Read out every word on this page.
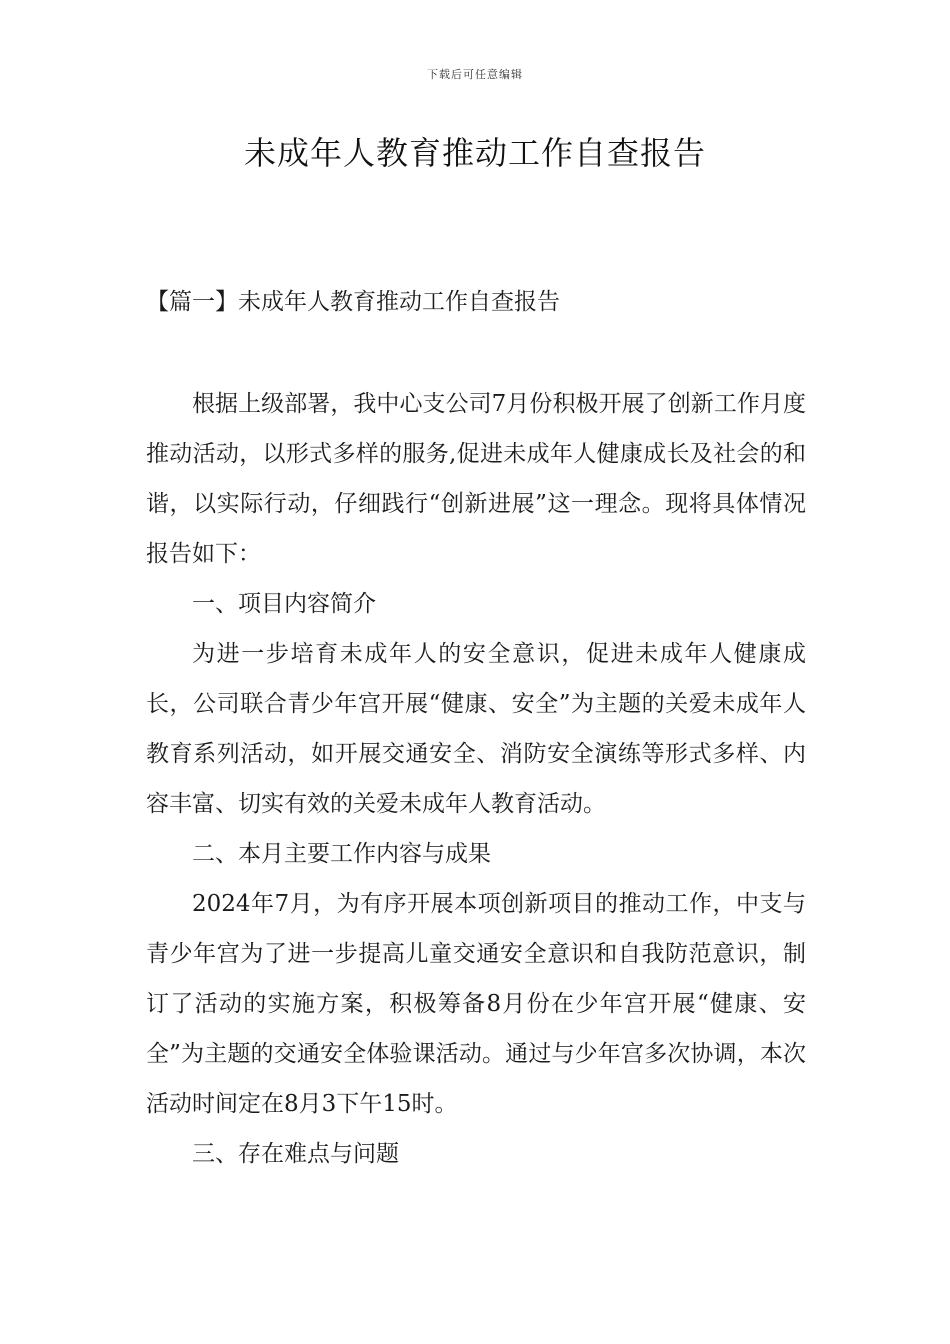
下载后可任意编辑
未成年人教育推动工作自查报告
【篇一】未成年人教育推动工作自查报告

根据上级部署，我中心支公司7月份积极开展了创新工作月度推动活动，以形式多样的服务,促进未成年人健康成长及社会的和谐，以实际行动，仔细践行“创新进展”这一理念。现将具体情况报告如下：

一、项目内容简介

为进一步培育未成年人的安全意识，促进未成年人健康成长，公司联合青少年宫开展“健康、安全”为主题的关爱未成年人教育系列活动，如开展交通安全、消防安全演练等形式多样、内容丰富、切实有效的关爱未成年人教育活动。

二、本月主要工作内容与成果

2024年7月，为有序开展本项创新项目的推动工作，中支与青少年宫为了进一步提高儿童交通安全意识和自我防范意识，制订了活动的实施方案，积极筹备8月份在少年宫开展“健康、安全”为主题的交通安全体验课活动。通过与少年宫多次协调，本次活动时间定在8月3下午15时。

三、存在难点与问题
